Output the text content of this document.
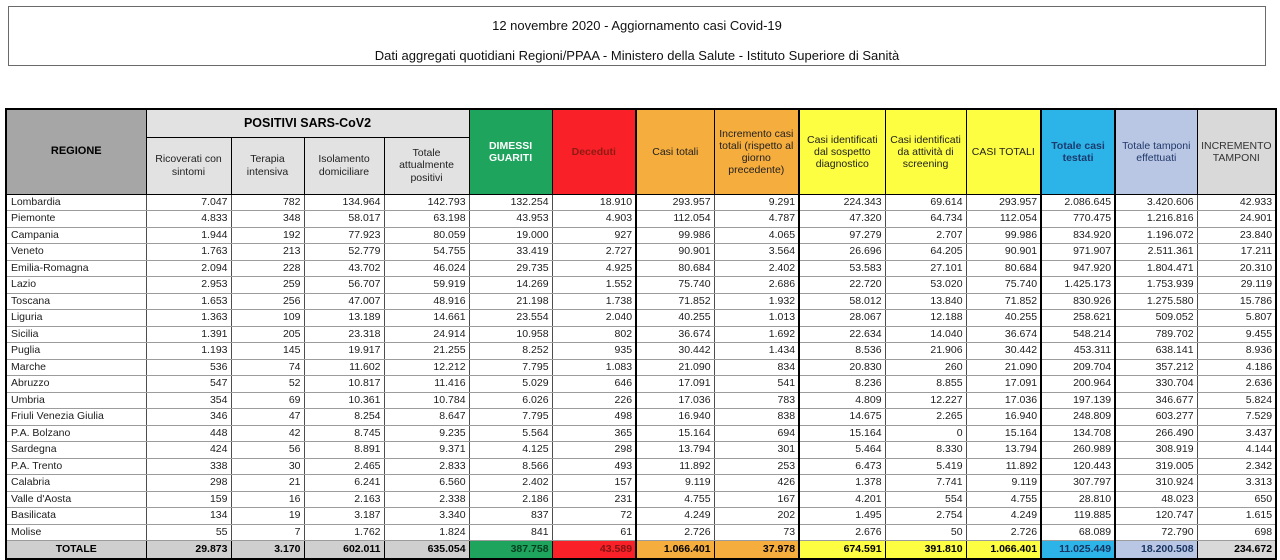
12 novembre 2020 - Aggiornamento casi Covid-19
Dati aggregati quotidiani Regioni/PPAA - Ministero della Salute - Istituto Superiore di Sanità
REGIONE	POSITIVI SARS-CoV2				DIMESSI GUARITI	Deceduti	Casi totali	Incremento casi totali (rispetto al giorno precedente)	Casi identificati dal sospetto diagnostico	Casi identificati da attività di screening	CASI TOTALI	Totale casi testati	Totale tamponi effettuati	INCREMENTO TAMPONI
	Ricoverati con sintomi	Terapia intensiva	Isolamento domiciliare	Totale attualmente positivi										
Lombardia	7.047	782	134.964	142.793	132.254	18.910	293.957	9.291	224.343	69.614	293.957	2.086.645	3.420.606	42.933
Piemonte	4.833	348	58.017	63.198	43.953	4.903	112.054	4.787	47.320	64.734	112.054	770.475	1.216.816	24.901
Campania	1.944	192	77.923	80.059	19.000	927	99.986	4.065	97.279	2.707	99.986	834.920	1.196.072	23.840
Veneto	1.763	213	52.779	54.755	33.419	2.727	90.901	3.564	26.696	64.205	90.901	971.907	2.511.361	17.211
Emilia-Romagna	2.094	228	43.702	46.024	29.735	4.925	80.684	2.402	53.583	27.101	80.684	947.920	1.804.471	20.310
Lazio	2.953	259	56.707	59.919	14.269	1.552	75.740	2.686	22.720	53.020	75.740	1.425.173	1.753.939	29.119
Toscana	1.653	256	47.007	48.916	21.198	1.738	71.852	1.932	58.012	13.840	71.852	830.926	1.275.580	15.786
Liguria	1.363	109	13.189	14.661	23.554	2.040	40.255	1.013	28.067	12.188	40.255	258.621	509.052	5.807
Sicilia	1.391	205	23.318	24.914	10.958	802	36.674	1.692	22.634	14.040	36.674	548.214	789.702	9.455
Puglia	1.193	145	19.917	21.255	8.252	935	30.442	1.434	8.536	21.906	30.442	453.311	638.141	8.936
Marche	536	74	11.602	12.212	7.795	1.083	21.090	834	20.830	260	21.090	209.704	357.212	4.186
Abruzzo	547	52	10.817	11.416	5.029	646	17.091	541	8.236	8.855	17.091	200.964	330.704	2.636
Umbria	354	69	10.361	10.784	6.026	226	17.036	783	4.809	12.227	17.036	197.139	346.677	5.824
Friuli Venezia Giulia	346	47	8.254	8.647	7.795	498	16.940	838	14.675	2.265	16.940	248.809	603.277	7.529
P.A. Bolzano	448	42	8.745	9.235	5.564	365	15.164	694	15.164	0	15.164	134.708	266.490	3.437
Sardegna	424	56	8.891	9.371	4.125	298	13.794	301	5.464	8.330	13.794	260.989	308.919	4.144
P.A. Trento	338	30	2.465	2.833	8.566	493	11.892	253	6.473	5.419	11.892	120.443	319.005	2.342
Calabria	298	21	6.241	6.560	2.402	157	9.119	426	1.378	7.741	9.119	307.797	310.924	3.313
Valle d'Aosta	159	16	2.163	2.338	2.186	231	4.755	167	4.201	554	4.755	28.810	48.023	650
Basilicata	134	19	3.187	3.340	837	72	4.249	202	1.495	2.754	4.249	119.885	120.747	1.615
Molise	55	7	1.762	1.824	841	61	2.726	73	2.676	50	2.726	68.089	72.790	698
TOTALE	29.873	3.170	602.011	635.054	387.758	43.589	1.066.401	37.978	674.591	391.810	1.066.401	11.025.449	18.200.508	234.672
